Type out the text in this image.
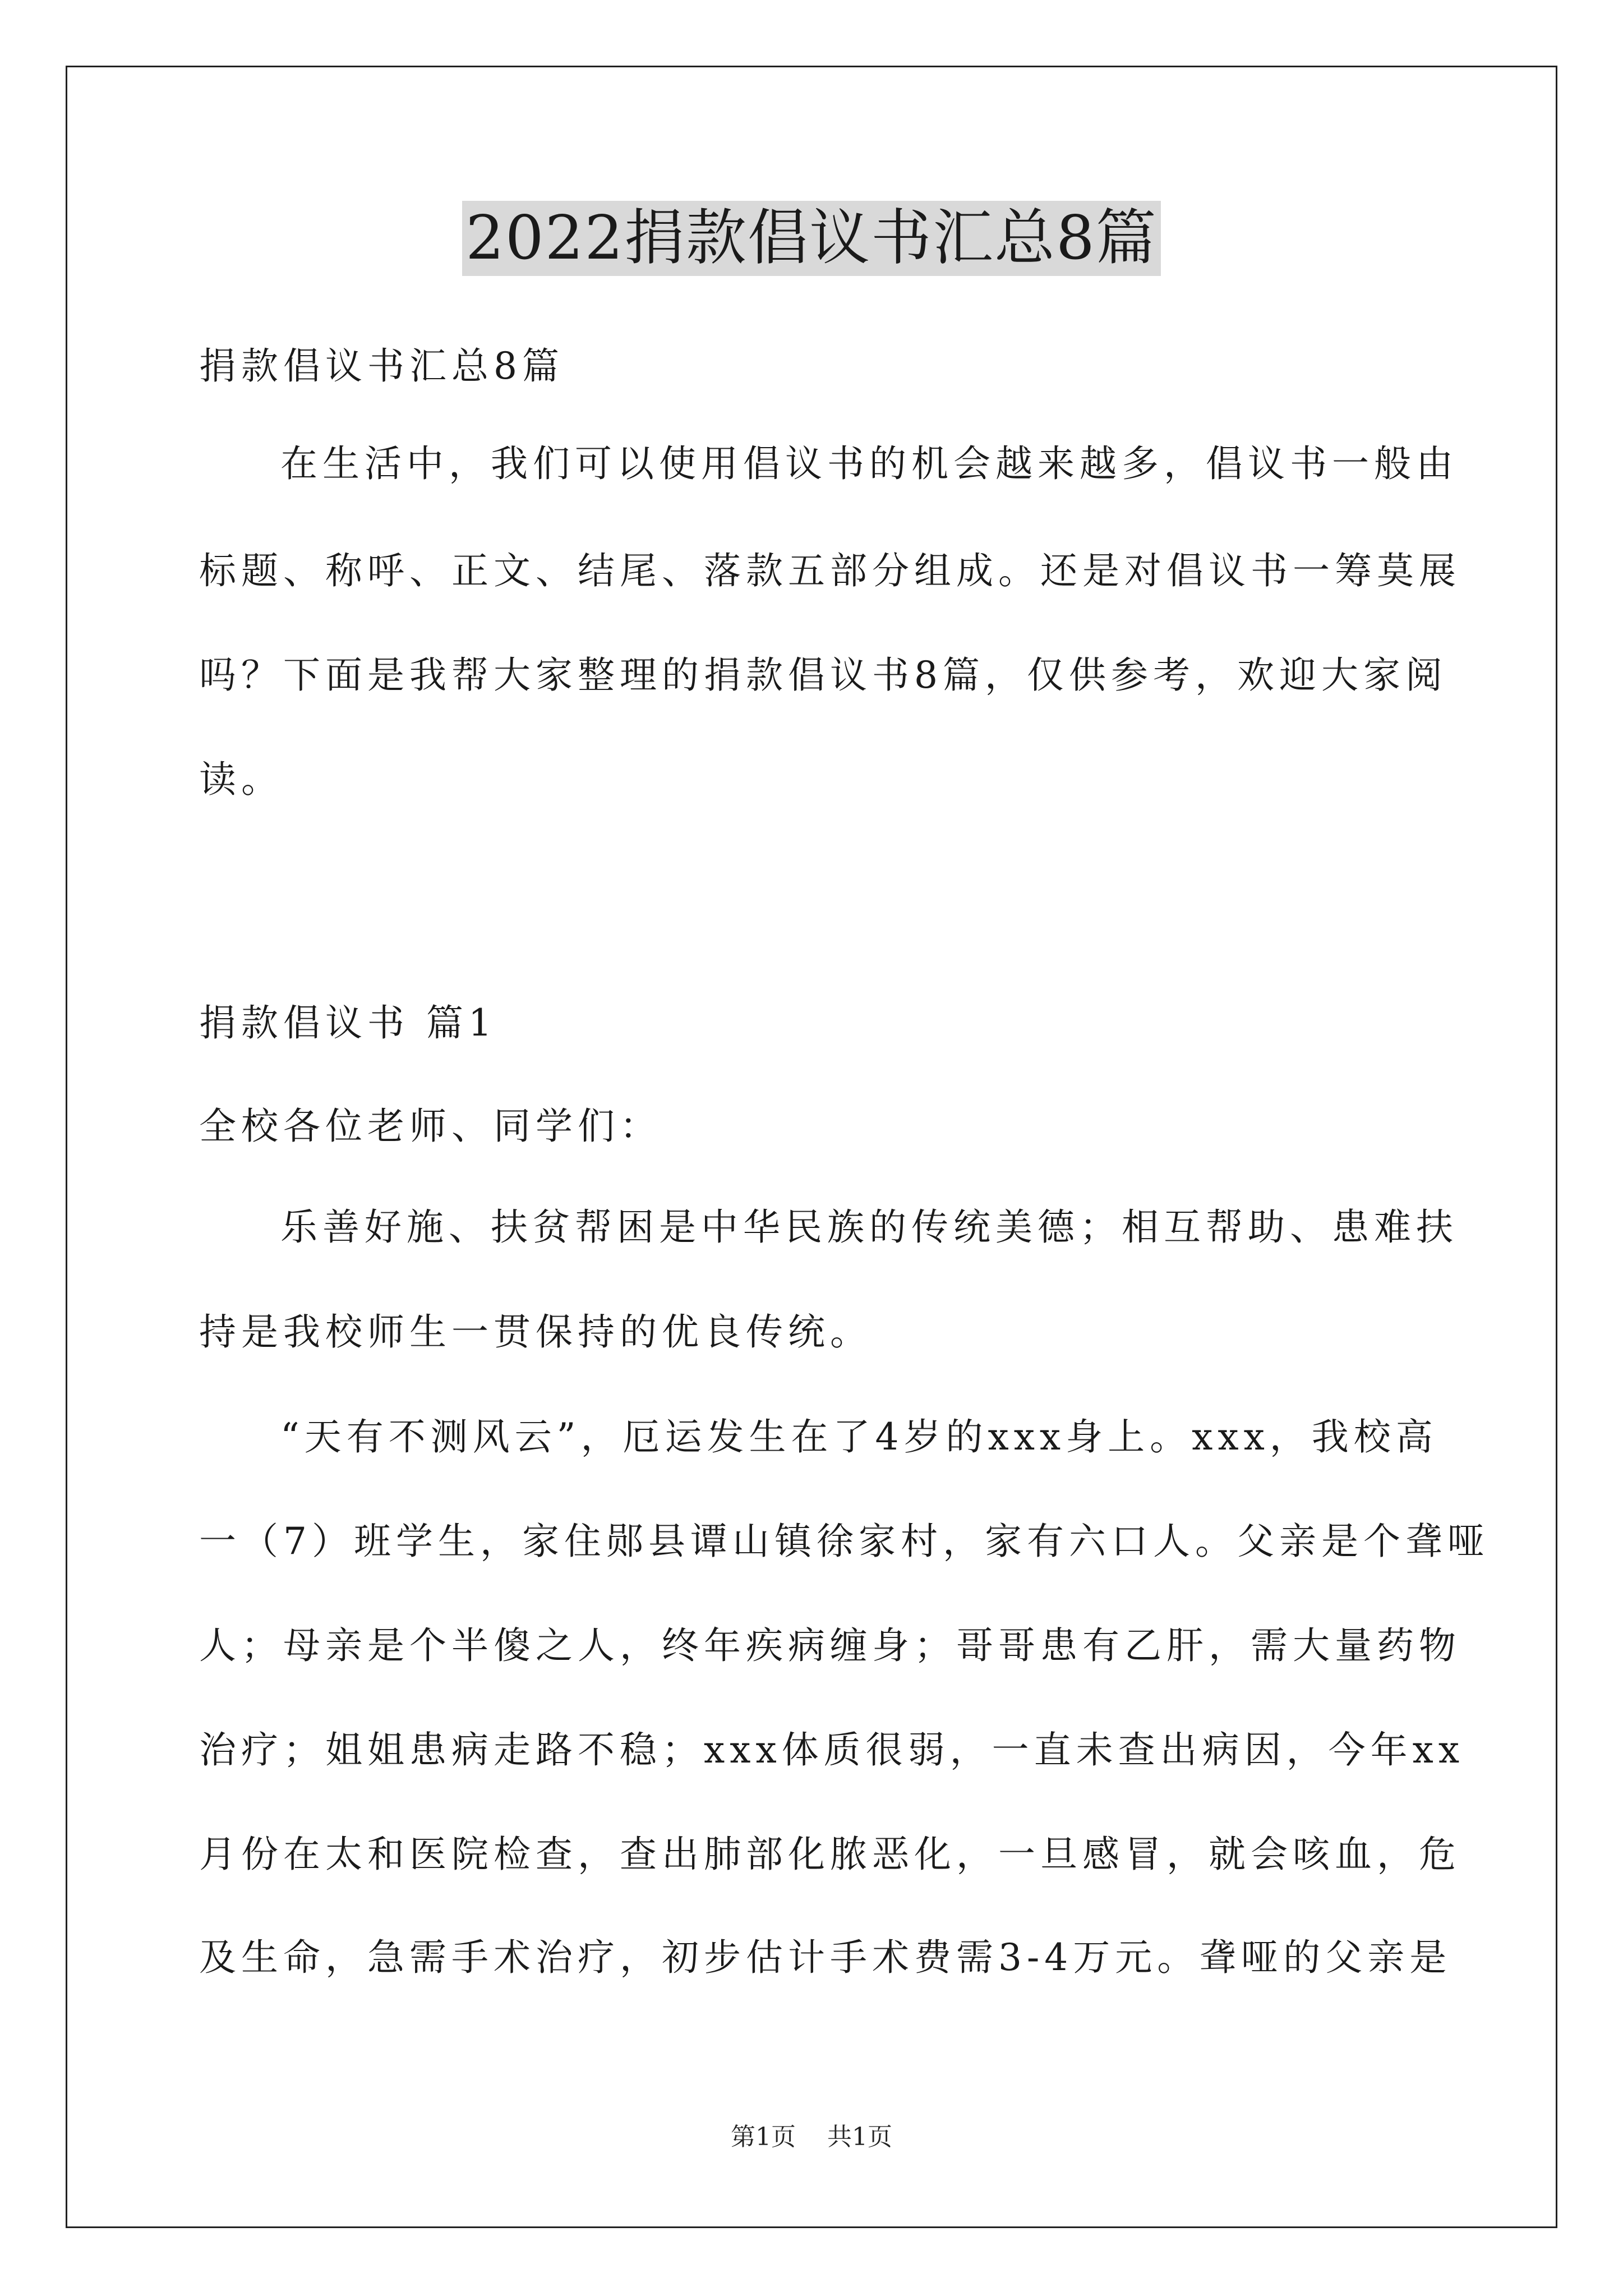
2022捐款倡议书汇总8篇
捐款倡议书汇总8篇
在生活中，我们可以使用倡议书的机会越来越多，倡议书一般由
标题、称呼、正文、结尾、落款五部分组成。还是对倡议书一筹莫展
吗？下面是我帮大家整理的捐款倡议书8篇，仅供参考，欢迎大家阅
读。
捐款倡议书 篇1
全校各位老师、同学们：
乐善好施、扶贫帮困是中华民族的传统美德；相互帮助、患难扶
持是我校师生一贯保持的优良传统。
“天有不测风云”，厄运发生在了4岁的xxx身上。xxx，我校高
一（7）班学生，家住郧县谭山镇徐家村，家有六口人。父亲是个聋哑
人；母亲是个半傻之人，终年疾病缠身；哥哥患有乙肝，需大量药物
治疗；姐姐患病走路不稳；xxx体质很弱，一直未查出病因，今年xx
月份在太和医院检查，查出肺部化脓恶化，一旦感冒，就会咳血，危
及生命，急需手术治疗，初步估计手术费需3-4万元。聋哑的父亲是
第1页 共1页
